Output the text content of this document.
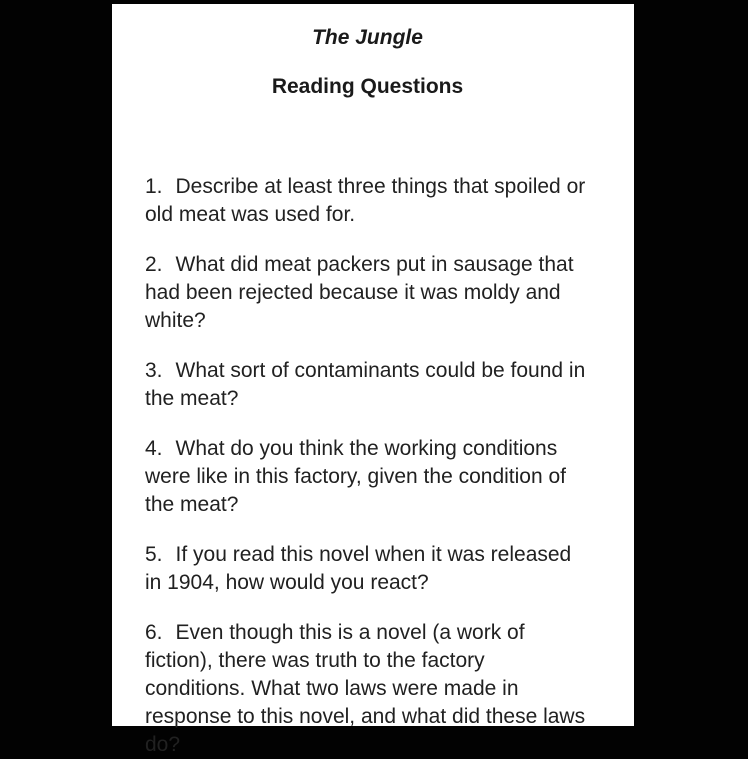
The Jungle
Reading Questions

1. Describe at least three things that spoiled or old meat was used for.

2. What did meat packers put in sausage that had been rejected because it was moldy and white?

3. What sort of contaminants could be found in the meat?

4. What do you think the working conditions were like in this factory, given the condition of the meat?

5. If you read this novel when it was released in 1904, how would you react?

6. Even though this is a novel (a work of fiction), there was truth to the factory conditions. What two laws were made in response to this novel, and what did these laws do?
